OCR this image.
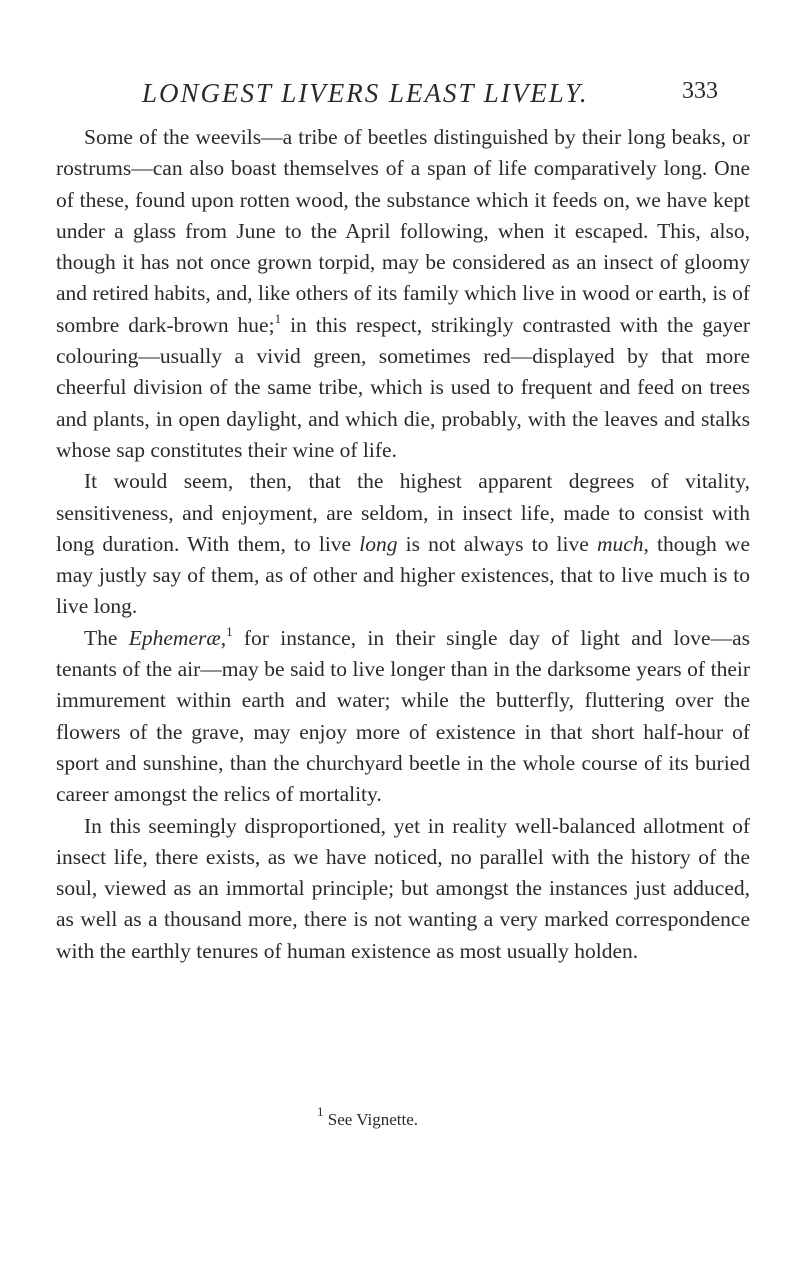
LONGEST LIVERS LEAST LIVELY.	333

Some of the weevils—a tribe of beetles distinguished by their long beaks, or rostrums—can also boast themselves of a span of life comparatively long. One of these, found upon rotten wood, the substance which it feeds on, we have kept under a glass from June to the April following, when it escaped. This, also, though it has not once grown torpid, may be considered as an insect of gloomy and retired habits, and, like others of its family which live in wood or earth, is of sombre dark-brown hue;$^1$ in this respect, strikingly contrasted with the gayer colouring—usually a vivid green, sometimes red—displayed by that more cheerful division of the same tribe, which is used to frequent and feed on trees and plants, in open daylight, and which die, probably, with the leaves and stalks whose sap constitutes their wine of life.

It would seem, then, that the highest apparent degrees of vitality, sensitiveness, and enjoyment, are seldom, in insect life, made to consist with long duration. With them, to live long is not always to live much, though we may justly say of them, as of other and higher existences, that to live much is to live long.

The Ephemeræ,$^1$ for instance, in their single day of light and love—as tenants of the air—may be said to live longer than in the darksome years of their immurement within earth and water; while the butterfly, fluttering over the flowers of the grave, may enjoy more of existence in that short half-hour of sport and sunshine, than the churchyard beetle in the whole course of its buried career amongst the relics of mortality.

In this seemingly disproportioned, yet in reality well-balanced allotment of insect life, there exists, as we have noticed, no parallel with the history of the soul, viewed as an immortal principle; but amongst the instances just adduced, as well as a thousand more, there is not wanting a very marked correspondence with the earthly tenures of human existence as most usually holden.

$^1$ See Vignette.
